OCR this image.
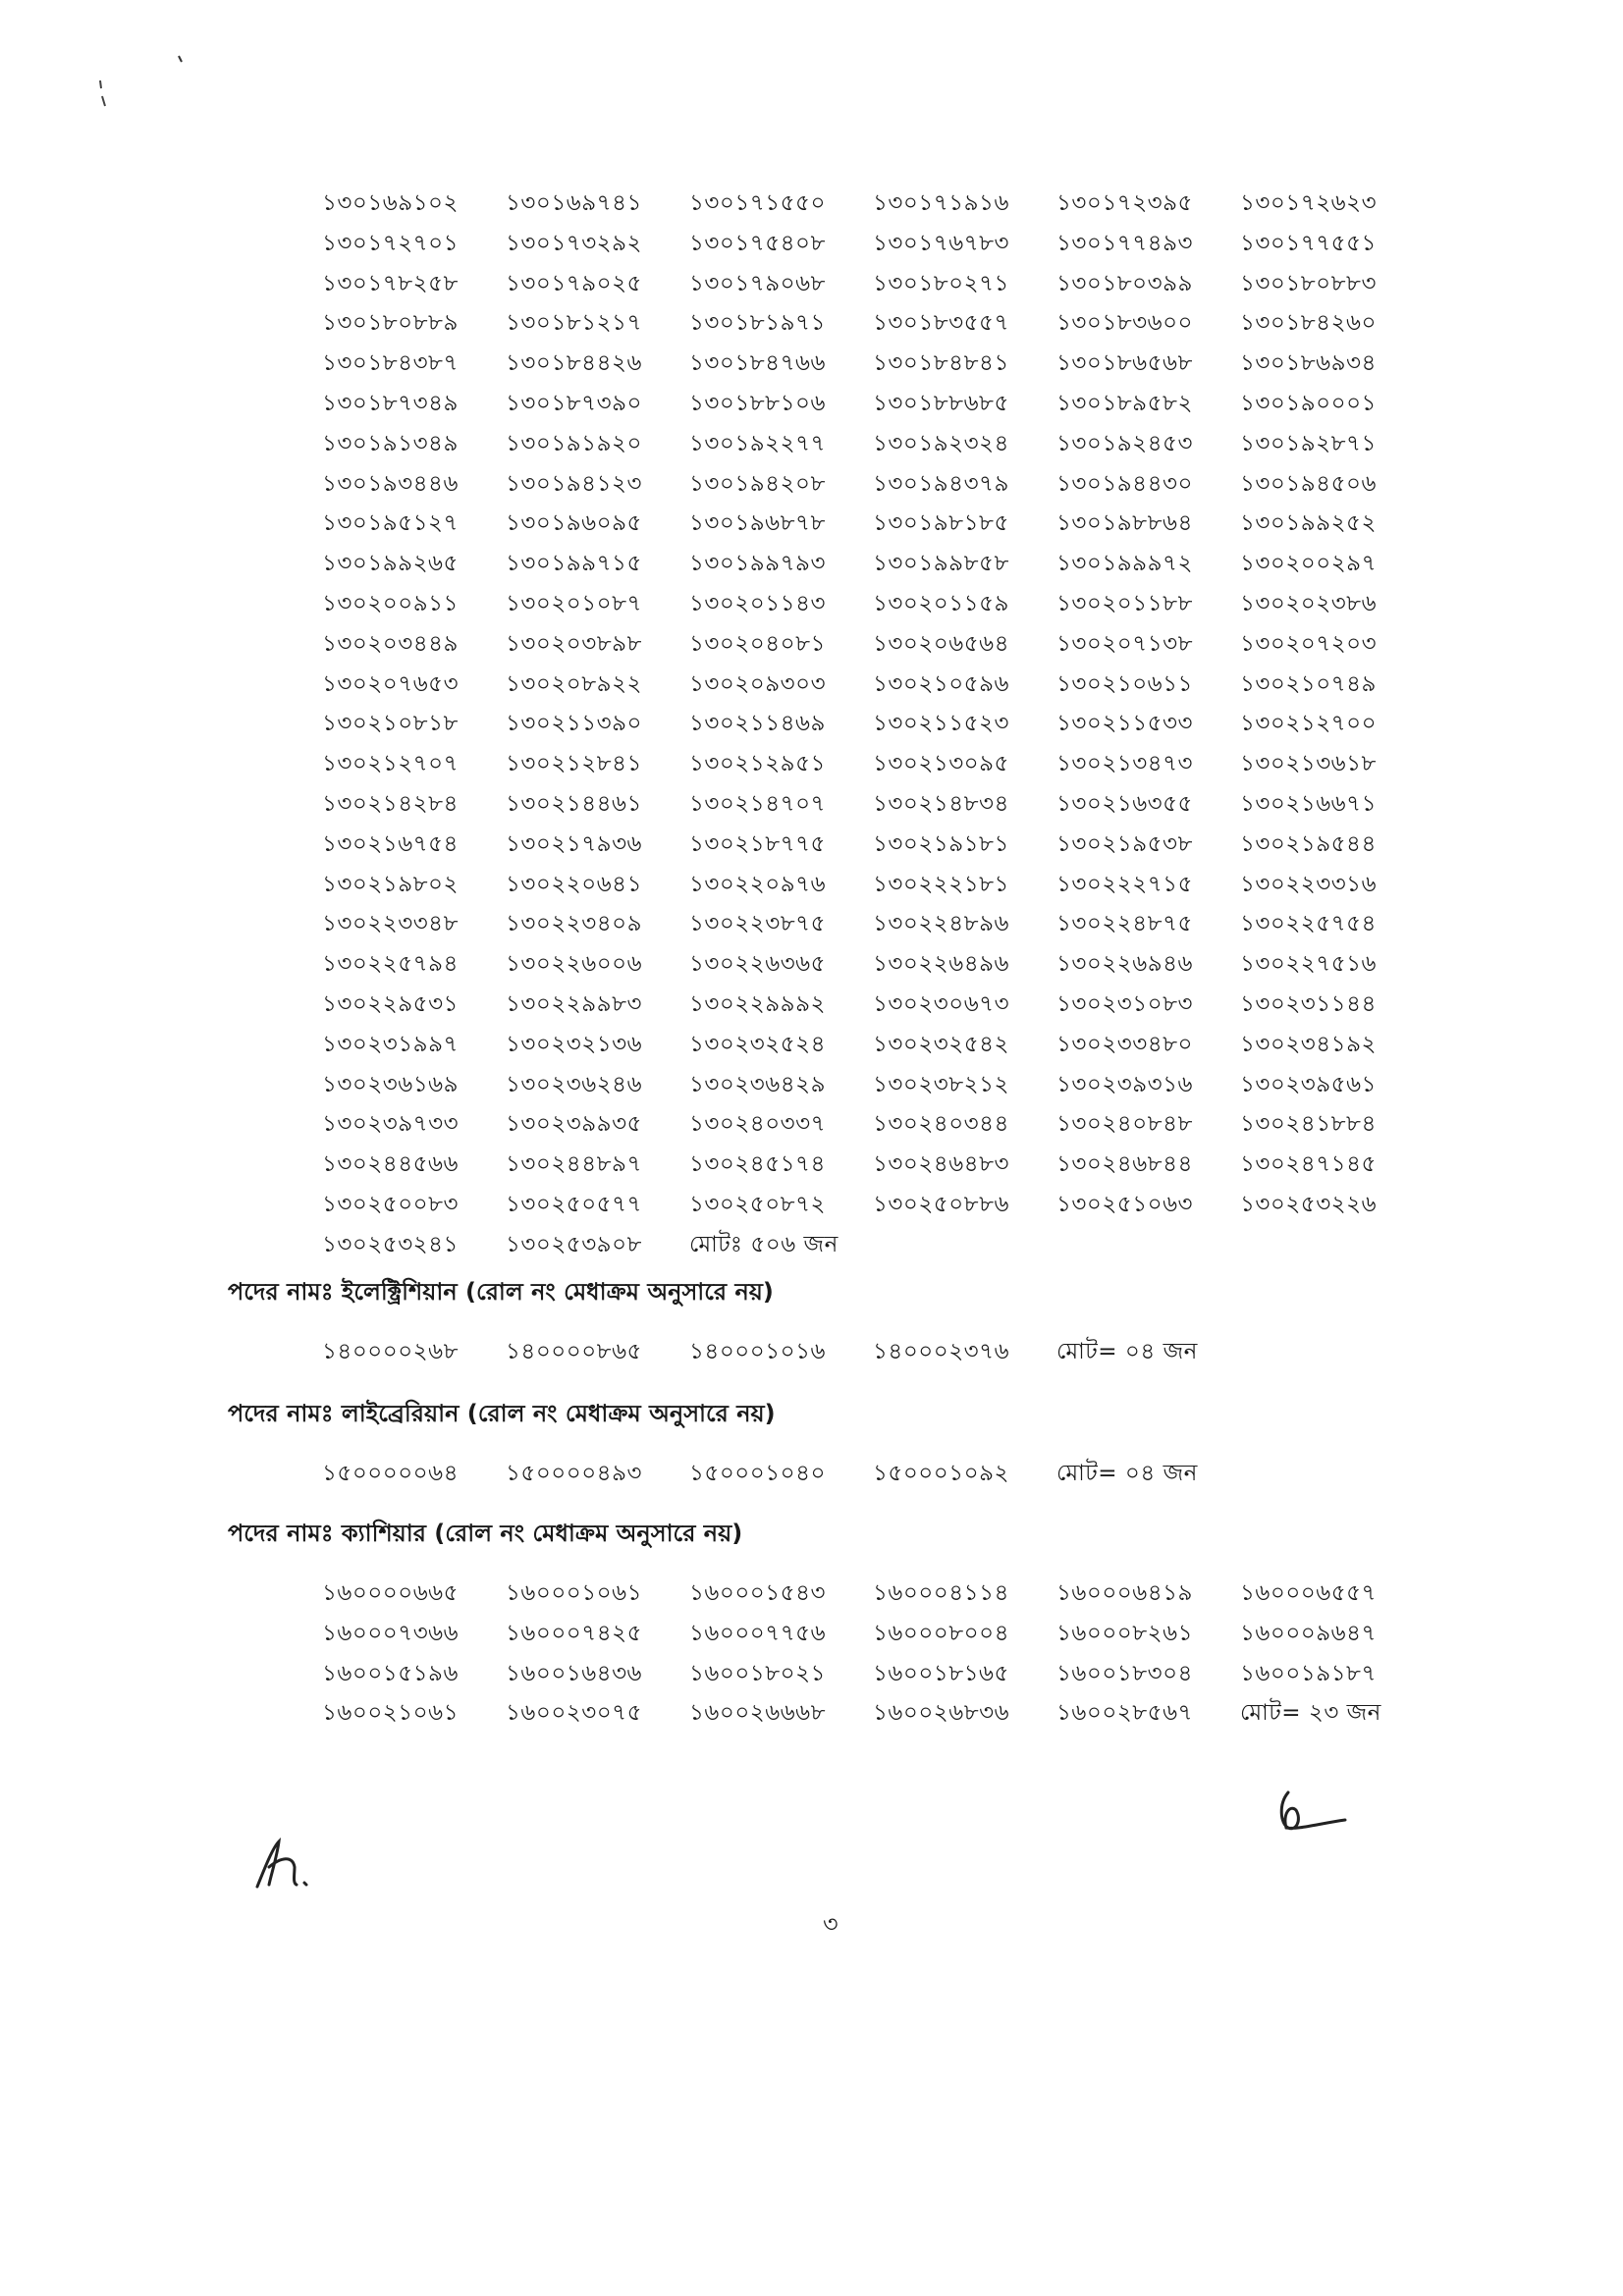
১৩০১৬৯১০২	১৩০১৬৯৭৪১	১৩০১৭১৫৫০	১৩০১৭১৯১৬	১৩০১৭২৩৯৫	১৩০১৭২৬২৩
১৩০১৭২৭০১	১৩০১৭৩২৯২	১৩০১৭৫৪০৮	১৩০১৭৬৭৮৩	১৩০১৭৭৪৯৩	১৩০১৭৭৫৫১
১৩০১৭৮২৫৮	১৩০১৭৯০২৫	১৩০১৭৯০৬৮	১৩০১৮০২৭১	১৩০১৮০৩৯৯	১৩০১৮০৮৮৩
১৩০১৮০৮৮৯	১৩০১৮১২১৭	১৩০১৮১৯৭১	১৩০১৮৩৫৫৭	১৩০১৮৩৬০০	১৩০১৮৪২৬০
১৩০১৮৪৩৮৭	১৩০১৮৪৪২৬	১৩০১৮৪৭৬৬	১৩০১৮৪৮৪১	১৩০১৮৬৫৬৮	১৩০১৮৬৯৩৪
১৩০১৮৭৩৪৯	১৩০১৮৭৩৯০	১৩০১৮৮১০৬	১৩০১৮৮৬৮৫	১৩০১৮৯৫৮২	১৩০১৯০০০১
১৩০১৯১৩৪৯	১৩০১৯১৯২০	১৩০১৯২২৭৭	১৩০১৯২৩২৪	১৩০১৯২৪৫৩	১৩০১৯২৮৭১
১৩০১৯৩৪৪৬	১৩০১৯৪১২৩	১৩০১৯৪২০৮	১৩০১৯৪৩৭৯	১৩০১৯৪৪৩০	১৩০১৯৪৫০৬
১৩০১৯৫১২৭	১৩০১৯৬০৯৫	১৩০১৯৬৮৭৮	১৩০১৯৮১৮৫	১৩০১৯৮৮৬৪	১৩০১৯৯২৫২
১৩০১৯৯২৬৫	১৩০১৯৯৭১৫	১৩০১৯৯৭৯৩	১৩০১৯৯৮৫৮	১৩০১৯৯৯৭২	১৩০২০০২৯৭
১৩০২০০৯১১	১৩০২০১০৮৭	১৩০২০১১৪৩	১৩০২০১১৫৯	১৩০২০১১৮৮	১৩০২০২৩৮৬
১৩০২০৩৪৪৯	১৩০২০৩৮৯৮	১৩০২০৪০৮১	১৩০২০৬৫৬৪	১৩০২০৭১৩৮	১৩০২০৭২০৩
১৩০২০৭৬৫৩	১৩০২০৮৯২২	১৩০২০৯৩০৩	১৩০২১০৫৯৬	১৩০২১০৬১১	১৩০২১০৭৪৯
১৩০২১০৮১৮	১৩০২১১৩৯০	১৩০২১১৪৬৯	১৩০২১১৫২৩	১৩০২১১৫৩৩	১৩০২১২৭০০
১৩০২১২৭০৭	১৩০২১২৮৪১	১৩০২১২৯৫১	১৩০২১৩০৯৫	১৩০২১৩৪৭৩	১৩০২১৩৬১৮
১৩০২১৪২৮৪	১৩০২১৪৪৬১	১৩০২১৪৭০৭	১৩০২১৪৮৩৪	১৩০২১৬৩৫৫	১৩০২১৬৬৭১
১৩০২১৬৭৫৪	১৩০২১৭৯৩৬	১৩০২১৮৭৭৫	১৩০২১৯১৮১	১৩০২১৯৫৩৮	১৩০২১৯৫৪৪
১৩০২১৯৮০২	১৩০২২০৬৪১	১৩০২২০৯৭৬	১৩০২২২১৮১	১৩০২২২৭১৫	১৩০২২৩৩১৬
১৩০২২৩৩৪৮	১৩০২২৩৪০৯	১৩০২২৩৮৭৫	১৩০২২৪৮৯৬	১৩০২২৪৮৭৫	১৩০২২৫৭৫৪
১৩০২২৫৭৯৪	১৩০২২৬০০৬	১৩০২২৬৩৬৫	১৩০২২৬৪৯৬	১৩০২২৬৯৪৬	১৩০২২৭৫১৬
১৩০২২৯৫৩১	১৩০২২৯৯৮৩	১৩০২২৯৯৯২	১৩০২৩০৬৭৩	১৩০২৩১০৮৩	১৩০২৩১১৪৪
১৩০২৩১৯৯৭	১৩০২৩২১৩৬	১৩০২৩২৫২৪	১৩০২৩২৫৪২	১৩০২৩৩৪৮০	১৩০২৩৪১৯২
১৩০২৩৬১৬৯	১৩০২৩৬২৪৬	১৩০২৩৬৪২৯	১৩০২৩৮২১২	১৩০২৩৯৩১৬	১৩০২৩৯৫৬১
১৩০২৩৯৭৩৩	১৩০২৩৯৯৩৫	১৩০২৪০৩৩৭	১৩০২৪০৩৪৪	১৩০২৪০৮৪৮	১৩০২৪১৮৮৪
১৩০২৪৪৫৬৬	১৩০২৪৪৮৯৭	১৩০২৪৫১৭৪	১৩০২৪৬৪৮৩	১৩০২৪৬৮৪৪	১৩০২৪৭১৪৫
১৩০২৫০০৮৩	১৩০২৫০৫৭৭	১৩০২৫০৮৭২	১৩০২৫০৮৮৬	১৩০২৫১০৬৩	১৩০২৫৩২২৬
১৩০২৫৩২৪১	১৩০২৫৩৯০৮	মোটঃ ৫০৬ জন
পদের নামঃ ইলেক্ট্রিশিয়ান (রোল নং মেধাক্রম অনুসারে নয়)
১৪০০০০২৬৮	১৪০০০০৮৬৫	১৪০০০১০১৬	১৪০০০২৩৭৬	মোট= ০৪ জন
পদের নামঃ লাইব্রেরিয়ান (রোল নং মেধাক্রম অনুসারে নয়)
১৫০০০০০৬৪	১৫০০০০৪৯৩	১৫০০০১০৪০	১৫০০০১০৯২	মোট= ০৪ জন
পদের নামঃ ক্যাশিয়ার (রোল নং মেধাক্রম অনুসারে নয়)
১৬০০০০৬৬৫	১৬০০০১০৬১	১৬০০০১৫৪৩	১৬০০০৪১১৪	১৬০০০৬৪১৯	১৬০০০৬৫৫৭
১৬০০০৭৩৬৬	১৬০০০৭৪২৫	১৬০০০৭৭৫৬	১৬০০০৮০০৪	১৬০০০৮২৬১	১৬০০০৯৬৪৭
১৬০০১৫১৯৬	১৬০০১৬৪৩৬	১৬০০১৮০২১	১৬০০১৮১৬৫	১৬০০১৮৩০৪	১৬০০১৯১৮৭
১৬০০২১০৬১	১৬০০২৩০৭৫	১৬০০২৬৬৬৮	১৬০০২৬৮৩৬	১৬০০২৮৫৬৭	মোট= ২৩ জন
৩
